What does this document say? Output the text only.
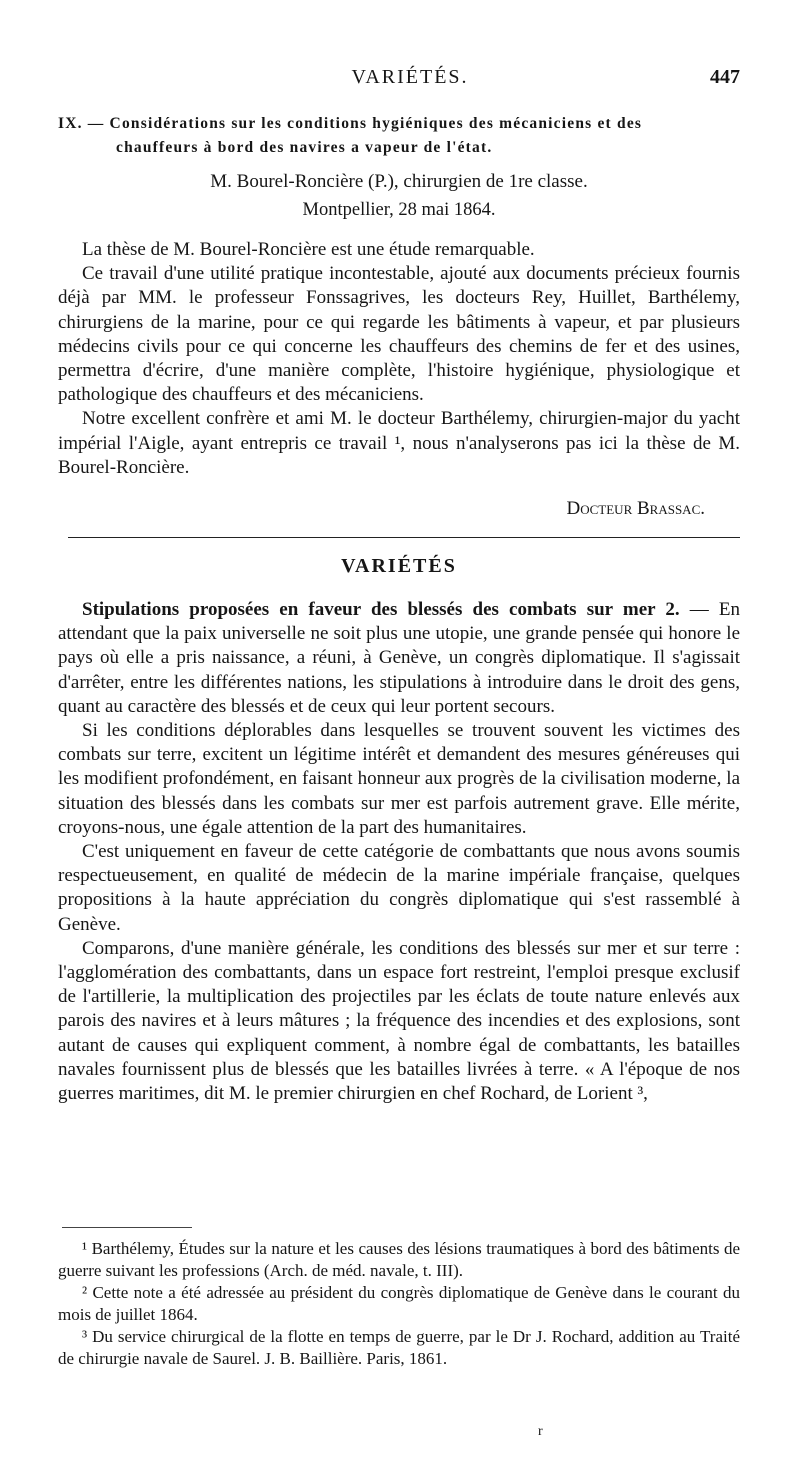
VARIÉTÉS.	447

IX. — Considérations sur les conditions hygiéniques des mécaniciens et des

chauffeurs à bord des navires a vapeur de l'état.

M. Bourel-Roncière (P.), chirurgien de 1re classe.
Montpellier, 28 mai 1864.

La thèse de M. Bourel-Roncière est une étude remarquable.

Ce travail d'une utilité pratique incontestable, ajouté aux documents précieux fournis déjà par MM. le professeur Fonssagrives, les docteurs Rey, Huillet, Barthélemy, chirurgiens de la marine, pour ce qui regarde les bâtiments à vapeur, et par plusieurs médecins civils pour ce qui concerne les chauffeurs des chemins de fer et des usines, permettra d'écrire, d'une manière complète, l'histoire hygiénique, physiologique et pathologique des chauffeurs et des mécaniciens.

Notre excellent confrère et ami M. le docteur Barthélemy, chirurgien-major du yacht impérial l'Aigle, ayant entrepris ce travail ¹, nous n'analyserons pas ici la thèse de M. Bourel-Roncière.

Docteur Brassac.
VARIÉTÉS

Stipulations proposées en faveur des blessés des combats sur mer 2. — En attendant que la paix universelle ne soit plus une utopie, une grande pensée qui honore le pays où elle a pris naissance, a réuni, à Genève, un congrès diplomatique. Il s'agissait d'arrêter, entre les différentes nations, les stipulations à introduire dans le droit des gens, quant au caractère des blessés et de ceux qui leur portent secours.

Si les conditions déplorables dans lesquelles se trouvent souvent les victimes des combats sur terre, excitent un légitime intérêt et demandent des mesures généreuses qui les modifient profondément, en faisant honneur aux progrès de la civilisation moderne, la situation des blessés dans les combats sur mer est parfois autrement grave. Elle mérite, croyons-nous, une égale attention de la part des humanitaires.

C'est uniquement en faveur de cette catégorie de combattants que nous avons soumis respectueusement, en qualité de médecin de la marine impériale française, quelques propositions à la haute appréciation du congrès diplomatique qui s'est rassemblé à Genève.

Comparons, d'une manière générale, les conditions des blessés sur mer et sur terre : l'agglomération des combattants, dans un espace fort restreint, l'emploi presque exclusif de l'artillerie, la multiplication des projectiles par les éclats de toute nature enlevés aux parois des navires et à leurs mâtures ; la fréquence des incendies et des explosions, sont autant de causes qui expliquent comment, à nombre égal de combattants, les batailles navales fournissent plus de blessés que les batailles livrées à terre. « A l'époque de nos guerres maritimes, dit M. le premier chirurgien en chef Rochard, de Lorient ³,

¹ Barthélemy, Études sur la nature et les causes des lésions traumatiques à bord des bâtiments de guerre suivant les professions (Arch. de méd. navale, t. III).

² Cette note a été adressée au président du congrès diplomatique de Genève dans le courant du mois de juillet 1864.

³ Du service chirurgical de la flotte en temps de guerre, par le Dr J. Rochard, addition au Traité de chirurgie navale de Saurel. J. B. Baillière. Paris, 1861.

r
